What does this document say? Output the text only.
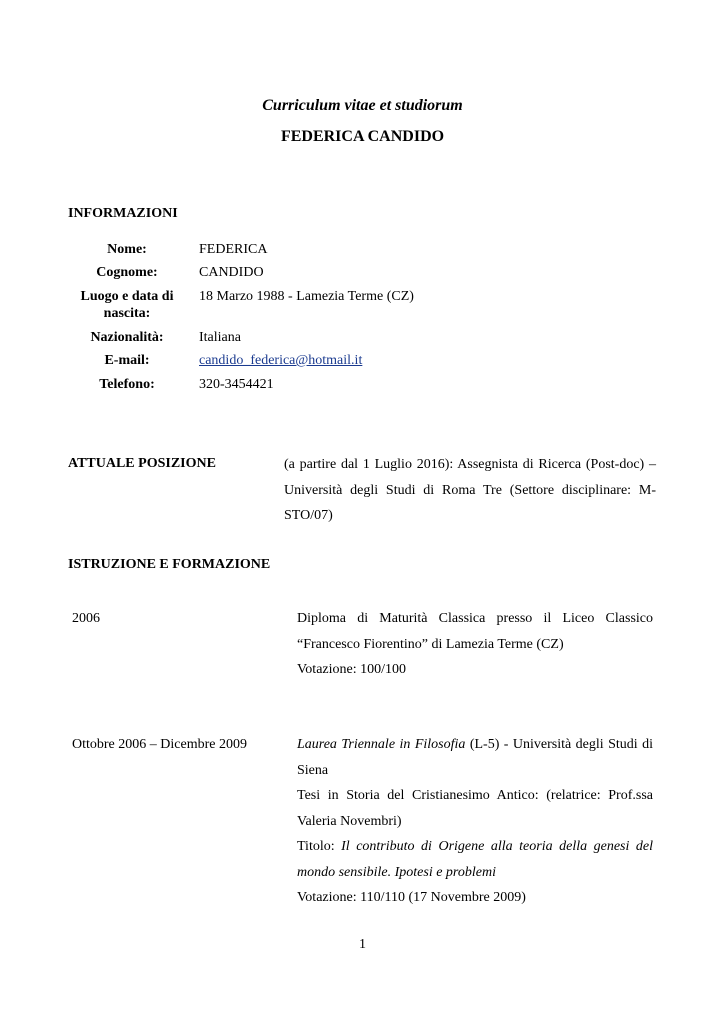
Curriculum vitae et studiorum
FEDERICA CANDIDO
INFORMAZIONI
Nome:	FEDERICA
Cognome:	CANDIDO
Luogo e data di nascita:
18 Marzo 1988 - Lamezia Terme (CZ)
Nazionalità:	Italiana
E-mail:	candido_federica@hotmail.it
Telefono:	320-3454421
ATTUALE POSIZIONE	(a partire dal 1 Luglio 2016): Assegnista di Ricerca (Post-doc) – Università degli Studi di Roma Tre (Settore disciplinare: M-STO/07)
ISTRUZIONE E FORMAZIONE
2006	Diploma di Maturità Classica presso il Liceo Classico
“Francesco Fiorentino” di Lamezia Terme (CZ)
Votazione: 100/100
Ottobre 2006 – Dicembre 2009	Laurea Triennale in Filosofia (L-5) - Università degli Studi di Siena
Tesi in Storia del Cristianesimo Antico: (relatrice: Prof.ssa Valeria Novembri)
Titolo: Il contributo di Origene alla teoria della genesi del mondo sensibile. Ipotesi e problemi
Votazione: 110/110 (17 Novembre 2009)
1
